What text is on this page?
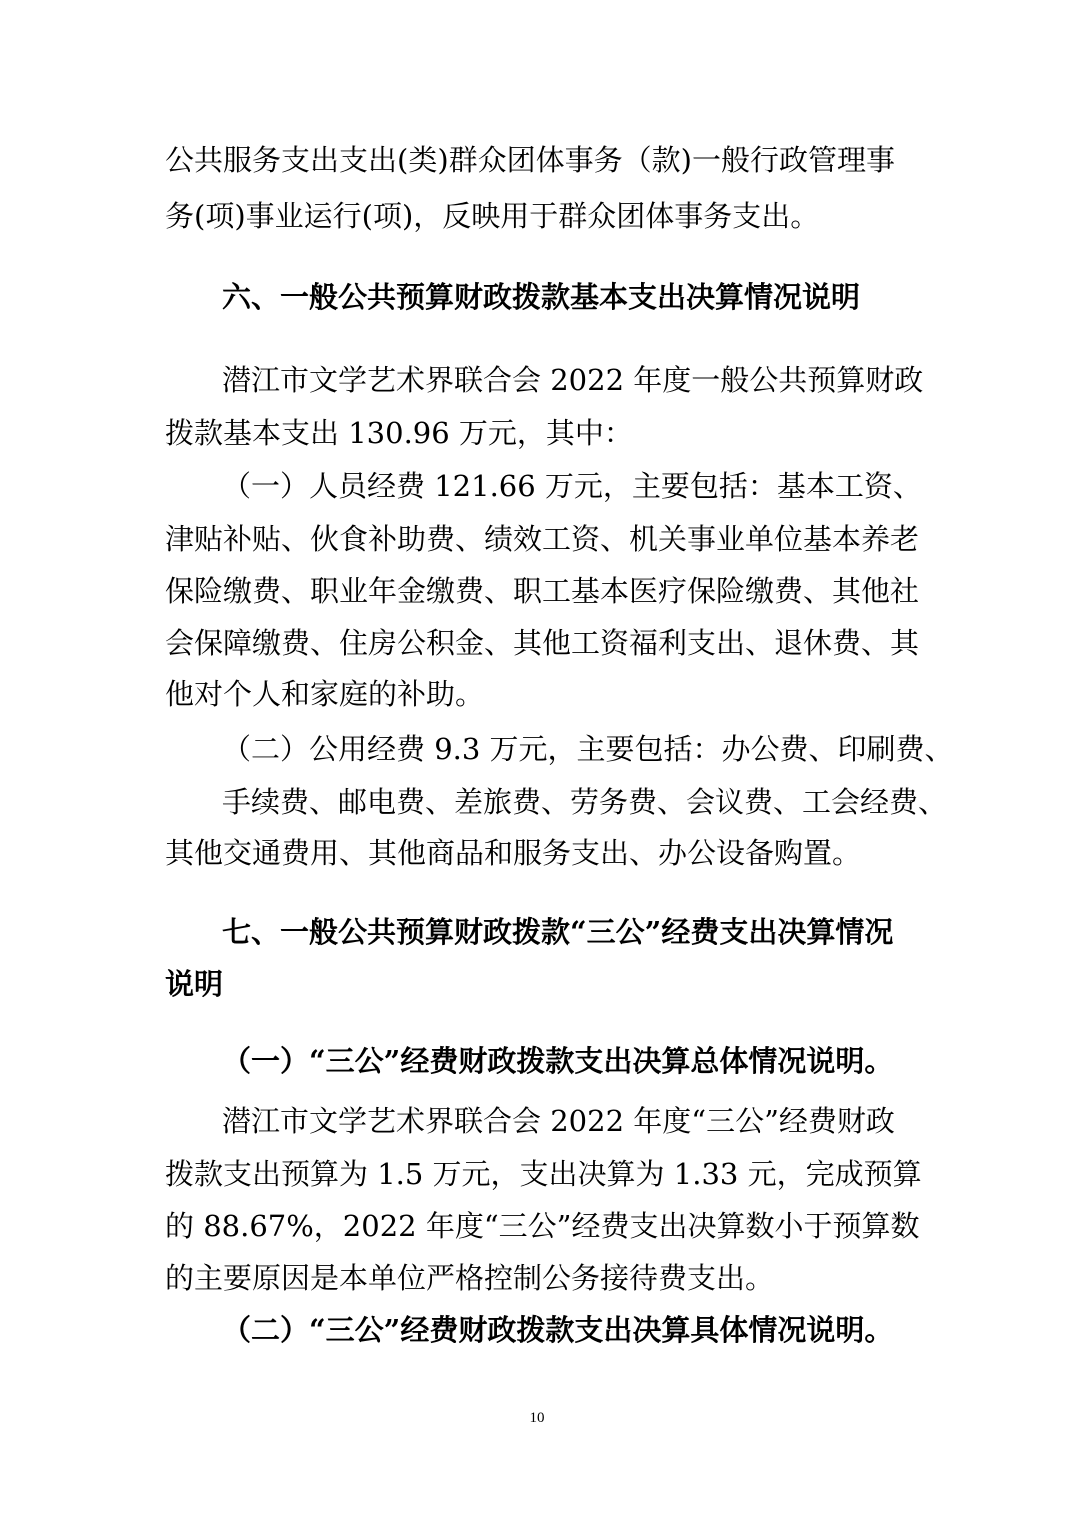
公共服务支出支出(类)群众团体事务（款)一般行政管理事
务(项)事业运行(项)，反映用于群众团体事务支出。
六、一般公共预算财政拨款基本支出决算情况说明
潜江市文学艺术界联合会 2022 年度一般公共预算财政
拨款基本支出 130.96 万元，其中：
（一）人员经费 121.66 万元，主要包括：基本工资、
津贴补贴、伙食补助费、绩效工资、机关事业单位基本养老
保险缴费、职业年金缴费、职工基本医疗保险缴费、其他社
会保障缴费、住房公积金、其他工资福利支出、退休费、其
他对个人和家庭的补助。
（二）公用经费 9.3 万元，主要包括：办公费、印刷费、
手续费、邮电费、差旅费、劳务费、会议费、工会经费、
其他交通费用、其他商品和服务支出、办公设备购置。
七、一般公共预算财政拨款“三公”经费支出决算情况
说明
（一）“三公”经费财政拨款支出决算总体情况说明。
潜江市文学艺术界联合会 2022 年度“三公”经费财政
拨款支出预算为 1.5 万元，支出决算为 1.33 元，完成预算
的 88.67%，2022 年度“三公”经费支出决算数小于预算数
的主要原因是本单位严格控制公务接待费支出。
（二）“三公”经费财政拨款支出决算具体情况说明。
10
